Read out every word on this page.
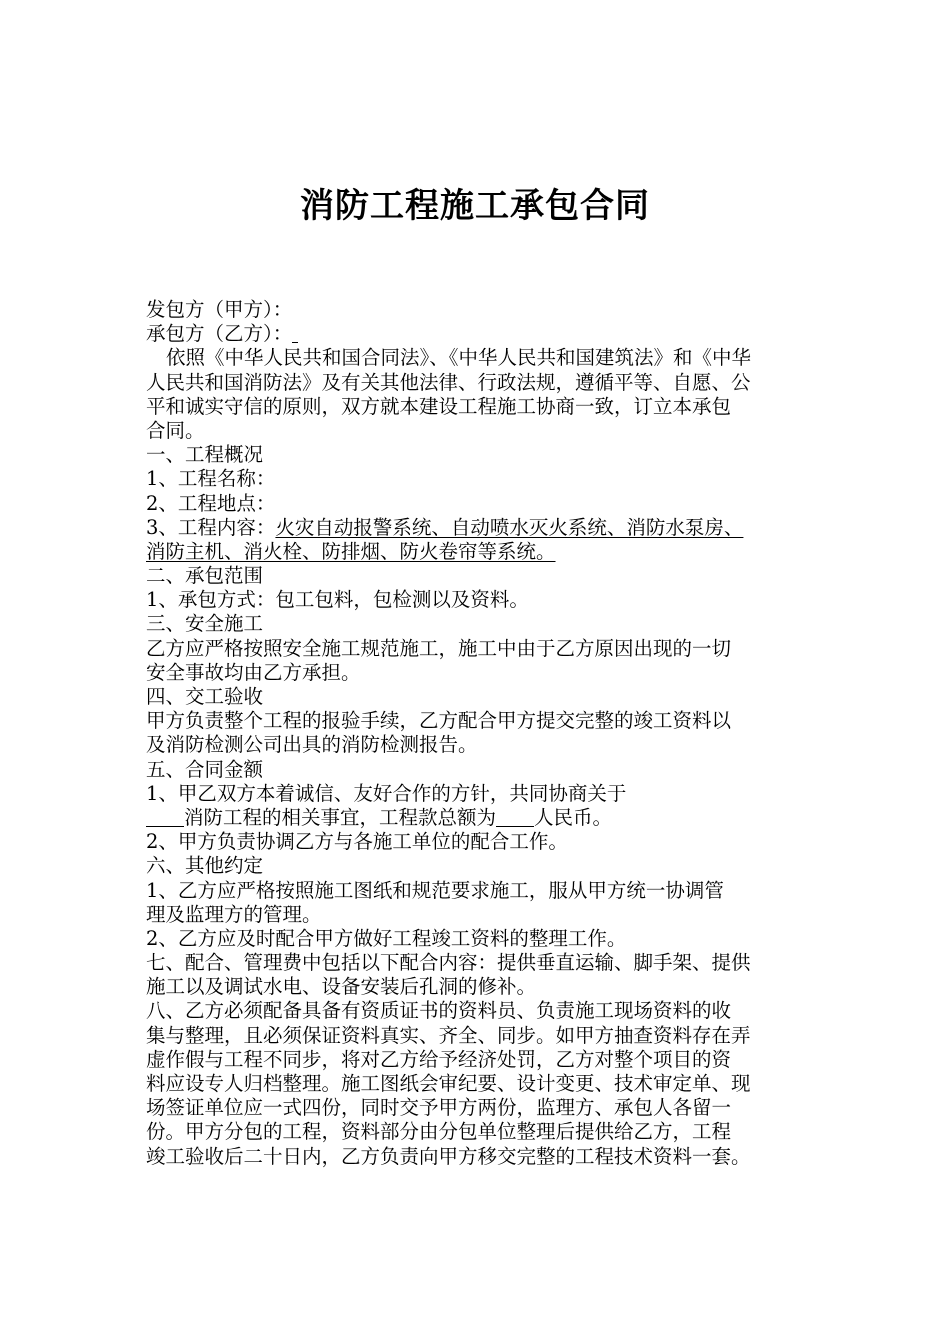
消防工程施工承包合同
发包方（甲方）：
承包方（乙方）：
依照《中华人民共和国合同法》、《中华人民共和国建筑法》和《中华
人民共和国消防法》及有关其他法律、行政法规，遵循平等、自愿、公
平和诚实守信的原则，双方就本建设工程施工协商一致，订立本承包
合同。
一、工程概况
1、工程名称：
2、工程地点：
3、工程内容：火灾自动报警系统、自动喷水灭火系统、消防水泵房、
消防主机、消火栓、防排烟、防火卷帘等系统。
二、承包范围
1、承包方式：包工包料，包检测以及资料。
三、安全施工
乙方应严格按照安全施工规范施工，施工中由于乙方原因出现的一切
安全事故均由乙方承担。
四、交工验收
甲方负责整个工程的报验手续，乙方配合甲方提交完整的竣工资料以
及消防检测公司出具的消防检测报告。
五、合同金额
1、甲乙双方本着诚信、友好合作的方针，共同协商关于
消防工程的相关事宜，工程款总额为 人民币。
2、甲方负责协调乙方与各施工单位的配合工作。
六、其他约定
1、乙方应严格按照施工图纸和规范要求施工，服从甲方统一协调管
理及监理方的管理。
2、乙方应及时配合甲方做好工程竣工资料的整理工作。
七、配合、管理费中包括以下配合内容：提供垂直运输、脚手架、提供
施工以及调试水电、设备安装后孔洞的修补。
八、乙方必须配备具备有资质证书的资料员、负责施工现场资料的收
集与整理，且必须保证资料真实、齐全、同步。如甲方抽查资料存在弄
虚作假与工程不同步，将对乙方给予经济处罚，乙方对整个项目的资
料应设专人归档整理。施工图纸会审纪要、设计变更、技术审定单、现
场签证单位应一式四份，同时交予甲方两份，监理方、承包人各留一
份。甲方分包的工程，资料部分由分包单位整理后提供给乙方，工程
竣工验收后二十日内，乙方负责向甲方移交完整的工程技术资料一套。
